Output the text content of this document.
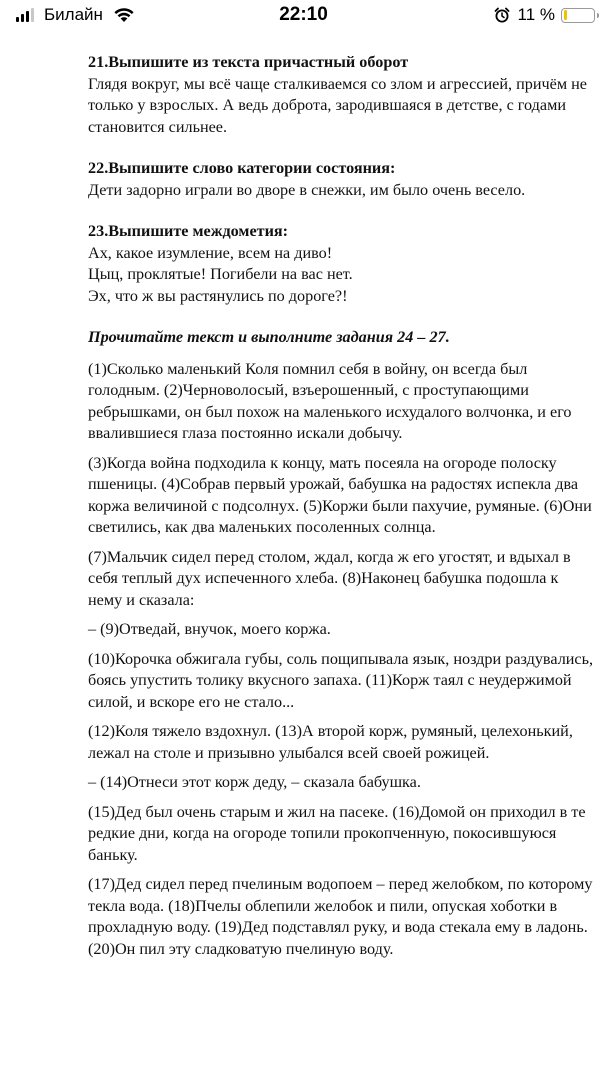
Билайн	22:10	11 %
21.Выпишите из текста причастный оборот
Глядя вокруг, мы всё чаще сталкиваемся со злом и агрессией, причём не только у взрослых. А ведь доброта, зародившаяся в детстве, с годами становится сильнее.
22.Выпишите слово категории состояния:
Дети задорно играли во дворе в снежки, им было очень весело.
23.Выпишите междометия:
Ах, какое изумление, всем на диво!
Цыц, проклятые! Погибели на вас нет.
Эх, что ж вы растянулись по дороге?!
Прочитайте текст и выполните задания 24 – 27.

(1)Сколько маленький Коля помнил себя в войну, он всегда был голодным. (2)Черноволосый, взъерошенный, с проступающими ребрышками, он был похож на маленького исхудалого волчонка, и его ввалившиеся глаза постоянно искали добычу.

(3)Когда война подходила к концу, мать посеяла на огороде полоску пшеницы. (4)Собрав первый урожай, бабушка на радостях испекла два коржа величиной с подсолнух. (5)Коржи были пахучие, румяные. (6)Они светились, как два маленьких посоленных солнца.

(7)Мальчик сидел перед столом, ждал, когда ж его угостят, и вдыхал в себя теплый дух испеченного хлеба. (8)Наконец бабушка подошла к нему и сказала:

– (9)Отведай, внучок, моего коржа.

(10)Корочка обжигала губы, соль пощипывала язык, ноздри раздувались, боясь упустить толику вкусного запаха. (11)Корж таял с неудержимой силой, и вскоре его не стало...

(12)Коля тяжело вздохнул. (13)А второй корж, румяный, целехонький, лежал на столе и призывно улыбался всей своей рожицей.

– (14)Отнеси этот корж деду, – сказала бабушка.

(15)Дед был очень старым и жил на пасеке. (16)Домой он приходил в те редкие дни, когда на огороде топили прокопченную, покосившуюся баньку.

(17)Дед сидел перед пчелиным водопоем – перед желобком, по которому текла вода. (18)Пчелы облепили желобок и пили, опуская хоботки в прохладную воду. (19)Дед подставлял руку, и вода стекала ему в ладонь. (20)Он пил эту сладковатую пчелиную воду.
